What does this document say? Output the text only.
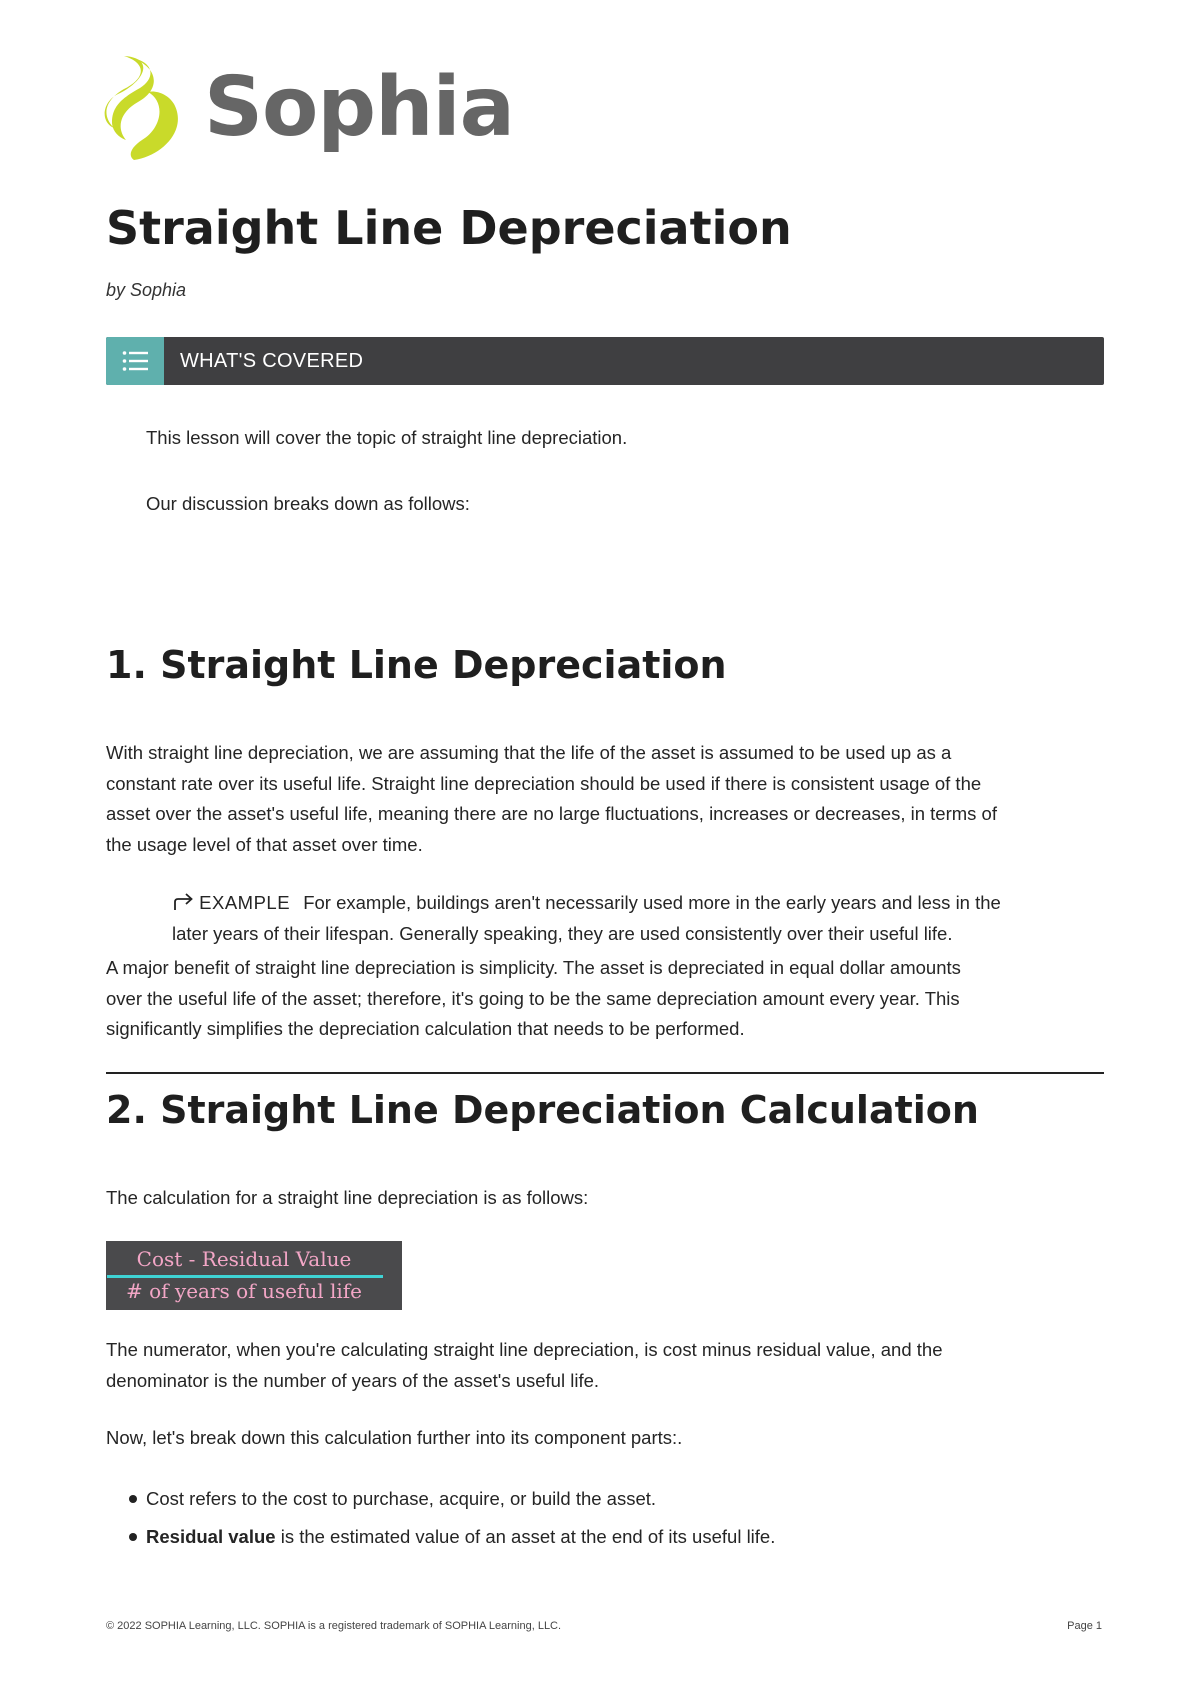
Sophia
Straight Line Depreciation
by Sophia
WHAT'S COVERED

This lesson will cover the topic of straight line depreciation.

Our discussion breaks down as follows:

1. Straight Line Depreciation
With straight line depreciation, we are assuming that the life of the asset is assumed to be used up as a
constant rate over its useful life. Straight line depreciation should be used if there is consistent usage of the
asset over the asset's useful life, meaning there are no large fluctuations, increases or decreases, in terms of
the usage level of that asset over time.
EXAMPLE For example, buildings aren't necessarily used more in the early years and less in the
later years of their lifespan. Generally speaking, they are used consistently over their useful life.
A major benefit of straight line depreciation is simplicity. The asset is depreciated in equal dollar amounts
over the useful life of the asset; therefore, it's going to be the same depreciation amount every year. This
significantly simplifies the depreciation calculation that needs to be performed.
2. Straight Line Depreciation Calculation

The calculation for a straight line depreciation is as follows:

Cost - Residual Value
# of years of useful life
The numerator, when you're calculating straight line depreciation, is cost minus residual value, and the
denominator is the number of years of the asset's useful life.

Now, let's break down this calculation further into its component parts:.

Cost refers to the cost to purchase, acquire, or build the asset.
Residual value is the estimated value of an asset at the end of its useful life.
© 2022 SOPHIA Learning, LLC. SOPHIA is a registered trademark of SOPHIA Learning, LLC.	Page 1
